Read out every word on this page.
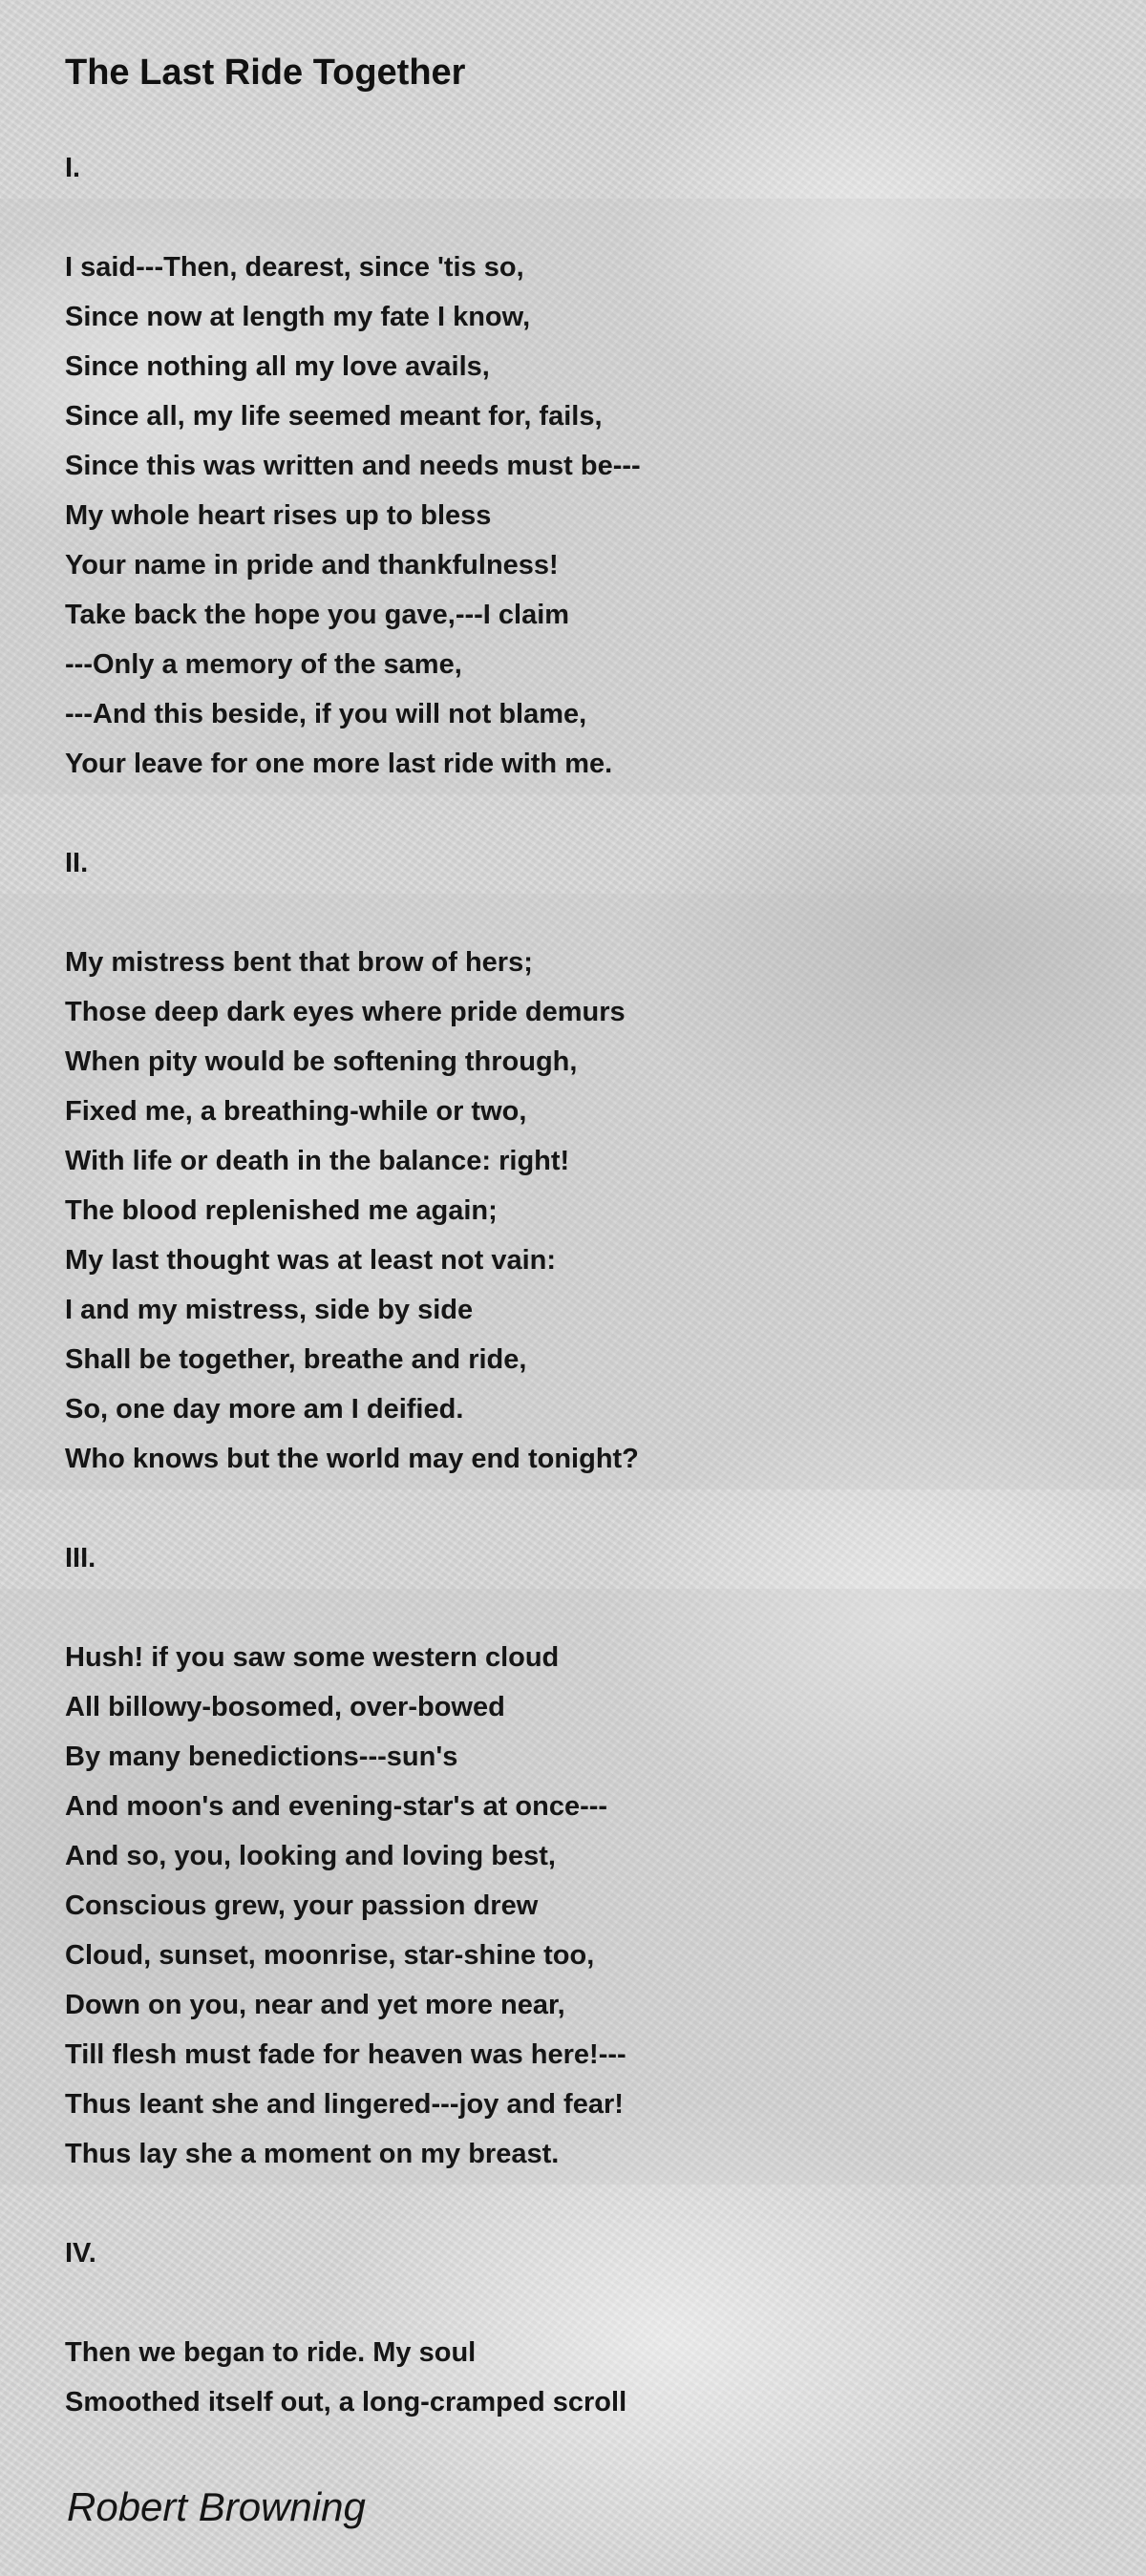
The Last Ride Together
I.
I said---Then, dearest, since 'tis so,
Since now at length my fate I know,
Since nothing all my love avails,
Since all, my life seemed meant for, fails,
Since this was written and needs must be---
My whole heart rises up to bless
Your name in pride and thankfulness!
Take back the hope you gave,---I claim
---Only a memory of the same,
---And this beside, if you will not blame,
Your leave for one more last ride with me.
II.
My mistress bent that brow of hers;
Those deep dark eyes where pride demurs
When pity would be softening through,
Fixed me, a breathing-while or two,
With life or death in the balance: right!
The blood replenished me again;
My last thought was at least not vain:
I and my mistress, side by side
Shall be together, breathe and ride,
So, one day more am I deified.
Who knows but the world may end tonight?
III.
Hush! if you saw some western cloud
All billowy-bosomed, over-bowed
By many benedictions---sun's
And moon's and evening-star's at once---
And so, you, looking and loving best,
Conscious grew, your passion drew
Cloud, sunset, moonrise, star-shine too,
Down on you, near and yet more near,
Till flesh must fade for heaven was here!---
Thus leant she and lingered---joy and fear!
Thus lay she a moment on my breast.
IV.
Then we began to ride. My soul
Smoothed itself out, a long-cramped scroll
Robert Browning
